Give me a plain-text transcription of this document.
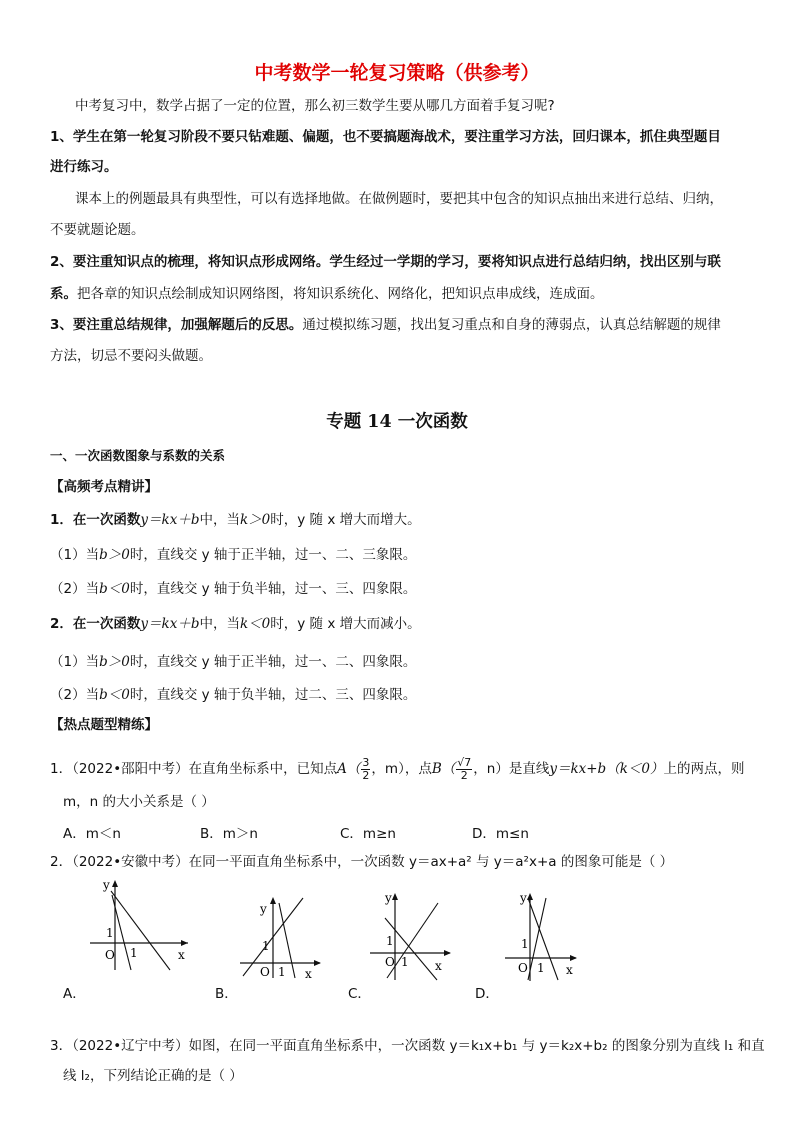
中考数学一轮复习策略（供参考）
中考复习中，数学占据了一定的位置，那么初三数学生要从哪几方面着手复习呢?
1、学生在第一轮复习阶段不要只钻难题、偏题，也不要搞题海战术，要注重学习方法，回归课本，抓住典型题目
进行练习。
课本上的例题最具有典型性，可以有选择地做。在做例题时，要把其中包含的知识点抽出来进行总结、归纳，
不要就题论题。
2、要注重知识点的梳理，将知识点形成网络。学生经过一学期的学习，要将知识点进行总结归纳，找出区别与联
系。把各章的知识点绘制成知识网络图，将知识系统化、网络化，把知识点串成线，连成面。
3、要注重总结规律，加强解题后的反思。通过模拟练习题，找出复习重点和自身的薄弱点，认真总结解题的规律
方法，切忌不要闷头做题。
专题 14 一次函数
一、一次函数图象与系数的关系
【高频考点精讲】
1．在一次函数y＝kx＋b中，当k＞0时，y 随 x 增大而增大。
（1）当b＞0时，直线交 y 轴于正半轴，过一、二、三象限。
（2）当b＜0时，直线交 y 轴于负半轴，过一、三、四象限。
2．在一次函数y＝kx＋b中，当k＜0时，y 随 x 增大而减小。
（1）当b＞0时，直线交 y 轴于正半轴，过一、二、四象限。
（2）当b＜0时，直线交 y 轴于负半轴，过二、三、四象限。
【热点题型精练】
1．（2022•邵阳中考）在直角坐标系中，已知点$A( \frac{3}{2}$ ，m），点$B( \frac{√7}{2}$ ，n）是直线y＝kx+b（k＜0）上的两点，则
m，n 的大小关系是（ ）
A．m＜n	B．m＞n	C．m≥n	D．m≤n
2．（2022•安徽中考）在同一平面直角坐标系中，一次函数 y＝ax+a² 与 y＝a²x+a 的图象可能是（ ）
y
x
O
1
1
A．
y
x
O
1
1
B．
y
x
O
1
1
C．
y
x
O
1
1
D．
3．（2022•辽宁中考）如图，在同一平面直角坐标系中，一次函数 y＝k₁x+b₁ 与 y＝k₂x+b₂ 的图象分别为直线 l₁ 和直
线 l₂，下列结论正确的是（ ）
